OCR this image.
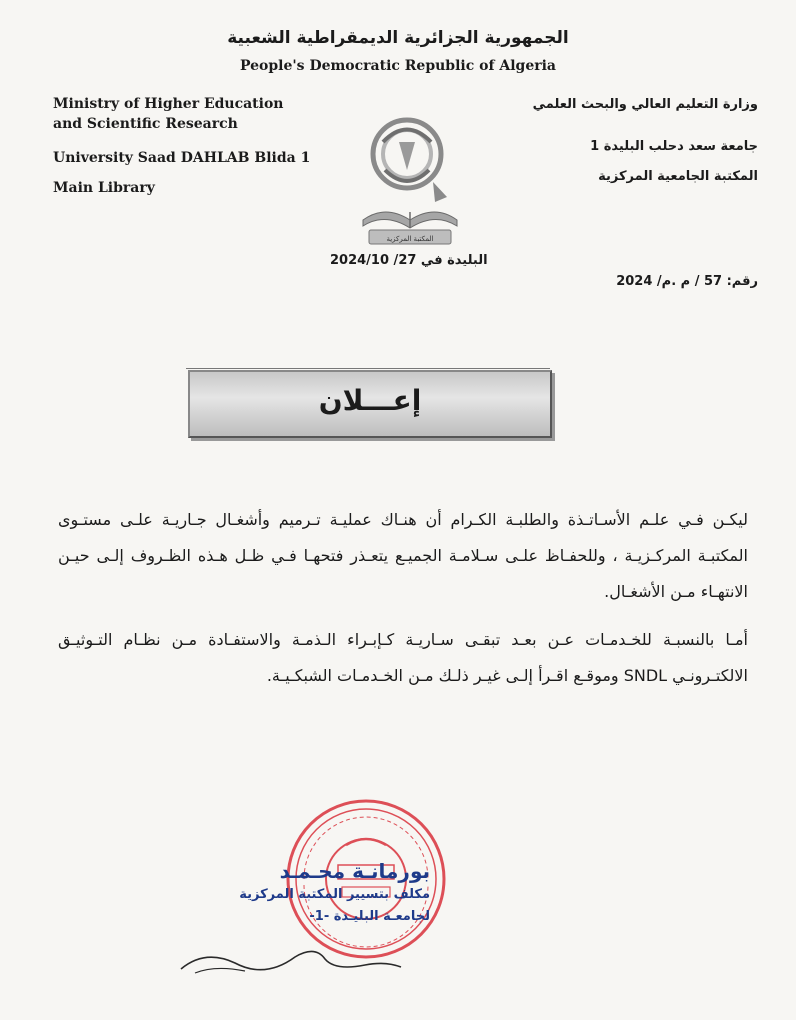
الجمهورية الجزائرية الديمقراطية الشعبية
People's Democratic Republic of Algeria
Ministry of Higher Education
and Scientific Research
University Saad DAHLAB Blida 1
Main Library
وزارة التعليم العالي والبحث العلمي
جامعة سعد دحلب البليدة 1
المكتبة الجامعية المركزية
المكتبة المركزية
البليدة في 27/ 2024/10
رقم: 57 / م .م/ 2024
إعـــلان

ليكـن فـي علـم الأسـاتـذة والطلبـة الكـرام أن هنـاك عمليـة تـرميم وأشغـال جـاريـة علـى مستـوى المكتبـة المركـزيـة ، وللحفـاظ علـى سـلامـة الجميـع يتعـذر فتحهـا فـي ظـل هـذه الظـروف إلـى حيـن الانتهـاء مـن الأشغـال.

أمـا بالنسبـة للخـدمـات عـن بعـد تبقـى سـاريـة كـإبـراء الـذمـة والاستفـادة مـن نظـام التـوثيـق الالكتـرونـي SNDL وموقـع اقـرأ إلـى غيـر ذلـك مـن الخـدمـات الشبكـيـة.

بورمانـة محـمـد
مكلف بتسيير المكتبة المركزية
لجامعـة البليـدة -1-
